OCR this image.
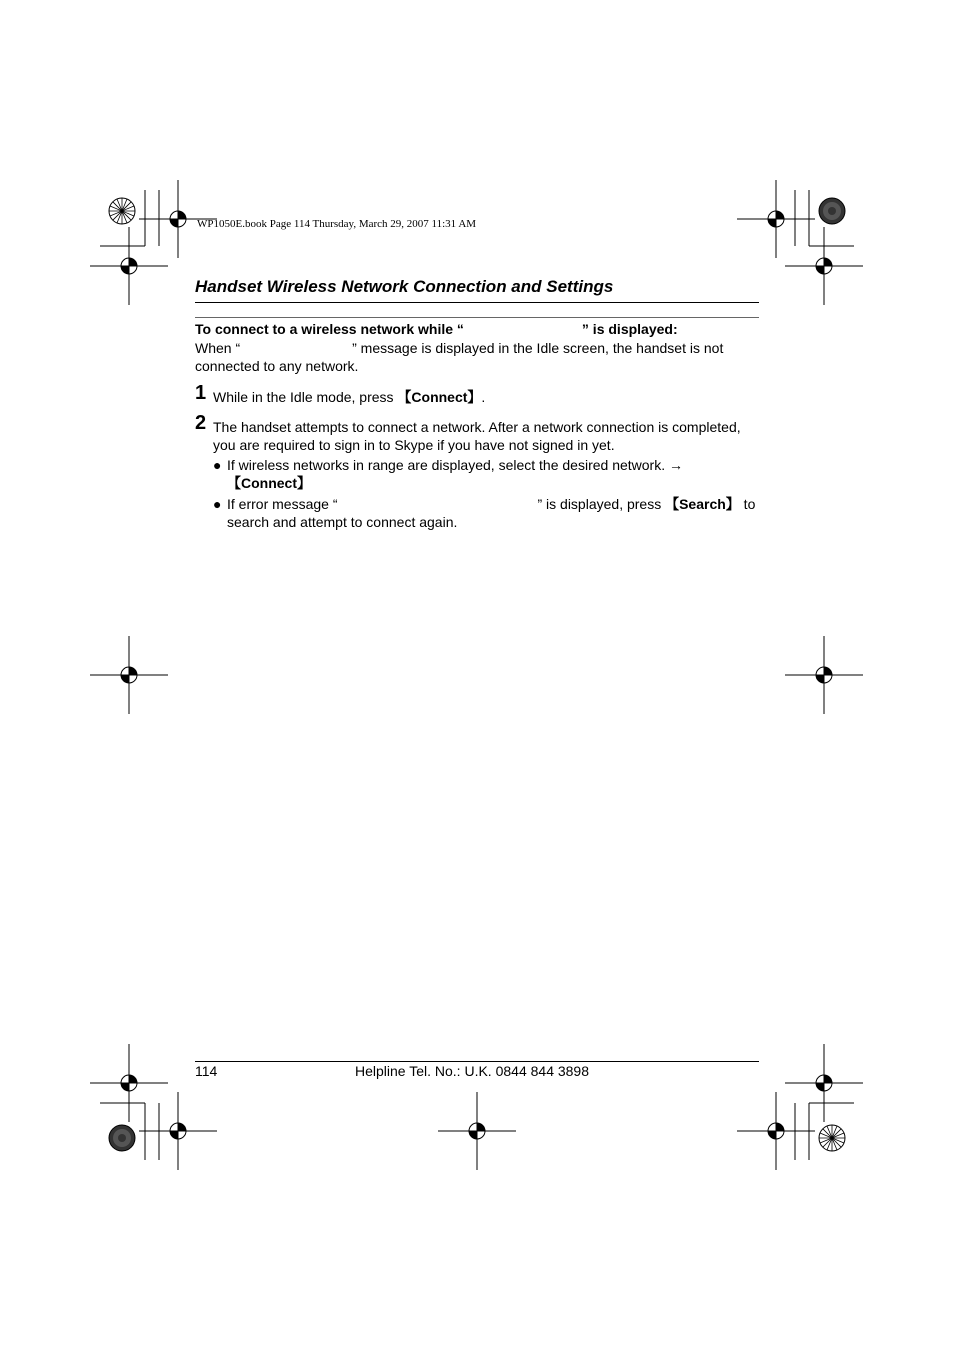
WP1050E.book Page 114 Thursday, March 29, 2007 11:31 AM
Handset Wireless Network Connection and Settings
To connect to a wireless network while “	” is displayed:
When “	” message is displayed in the Idle screen, the handset is not connected to any network.
1 While in the Idle mode, press 【Connect】.
2 The handset attempts to connect a network. After a network connection is completed, you are required to sign in to Skype if you have not signed in yet.
● If wireless networks in range are displayed, select the desired network. →
【Connect】
● If error message “	” is displayed, press 【Search】 to search and attempt to connect again.
114	Helpline Tel. No.: U.K. 0844 844 3898
